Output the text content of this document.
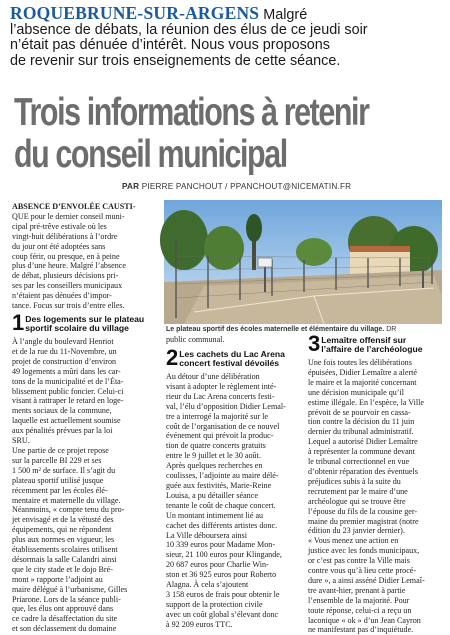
ROQUEBRUNE-SUR-ARGENS Malgré
l’absence de débats, la réunion des élus de ce jeudi soir
n’était pas dénuée d’intérêt. Nous vous proposons
de revenir sur trois enseignements de cette séance.
Trois informations à retenir
du conseil municipal
PAR PIERRE PANCHOUT / PPANCHOUT@NICEMATIN.FR
Le plateau sportif des écoles maternelle et élémentaire du village. DR
ABSENCE D’ENVOLÉE CAUSTI-
QUE pour le dernier conseil muni-
cipal pré-trêve estivale où les
vingt-huit délibérations à l’ordre
du jour ont été adoptées sans
coup férir, ou presque, en à peine
plus d’une heure. Malgré l’absence
de débat, plusieurs décisions pri-
ses par les conseillers municipaux
n’étaient pas dénuées d’impor-
tance. Focus sur trois d’entre elles.
1 Des logements sur le plateau
sportif scolaire du village
À l’angle du boulevard Henriot
et de la rue du 11-Novembre, un
projet de construction d’environ
49 logements a mûri dans les car-
tons de la municipalité et de l’Éta-
blissement public foncier. Celui-ci
visant à rattraper le retard en loge-
ments sociaux de la commune,
laquelle est actuellement soumise
aux pénalités prévues par la loi
SRU.
Une partie de ce projet repose
sur la parcelle BI 229 et ses
1 500 m² de surface. Il s’agit du
plateau sportif utilisé jusque
récemment par les écoles élé-
mentaire et maternelle du village.
Néanmoins, « compte tenu du pro-
jet envisagé et de la vétusté des
équipements, qui ne répondent
plus aux normes en vigueur, les
établissements scolaires utilisent
désormais la salle Calandri ainsi
que le city stade et le dojo Bré-
mont » rapporte l’adjoint au
maire délégué à l’urbanisme, Gilles
Priarone. Lors de la séance publi-
que, les élus ont approuvé dans
ce cadre la désaffectation du site
et son déclassement du domaine
public communal.
2 Les cachets du Lac Arena
concert festival dévoilés
Au détour d’une délibération
visant à adopter le règlement inté-
rieur du Lac Arena concerts festi-
val, l’élu d’opposition Didier Lemal-
tre a interrogé la majorité sur le
coût de l’organisation de ce nouvel
événement qui prévoit la produc-
tion de quatre concerts gratuits
entre le 9 juillet et le 30 août.
Après quelques recherches en
coulisses, l’adjointe au maire délé-
guée aux festivités, Marie-Reine
Louisa, a pu détailler séance
tenante le coût de chaque concert.
Un montant intimement lié au
cachet des différents artistes donc.
La Ville déboursera ainsi
10 339 euros pour Madame Mon-
sieur, 21 100 euros pour Klingande,
20 687 euros pour Charlie Win-
ston et 36 925 euros pour Roberto
Alagna. À cela s’ajoutent
3 158 euros de frais pour obtenir le
support de la protection civile
avec un coût global s’élevant donc
à 92 209 euros TTC.
3 Lemaître offensif sur
l’affaire de l’archéologue
Une fois toutes les délibérations
épuisées, Didier Lemaître a alerté
le maire et la majorité concernant
une décision municipale qu’il
estime illégale. En l’espèce, la Ville
prévoit de se pourvoir en cassa-
tion contre la décision du 11 juin
dernier du tribunal administratif.
Lequel a autorisé Didier Lemaître
à représenter la commune devant
le tribunal correctionnel en vue
d’obtenir réparation des éventuels
préjudices subis à la suite du
recrutement par le maire d’une
archéologue qui se trouve être
l’épouse du fils de la cousine ger-
maine du premier magistrat (notre
édition du 23 janvier dernier).
« Vous menez une action en
justice avec les fonds municipaux,
or c’est pas contre la Ville mais
contre vous qu’à lieu cette procé-
dure », a ainsi asséné Didier Lemaî-
tre avant-hier, prenant à partie
l’ensemble de la majorité. Pour
toute réponse, celui-ci a reçu un
laconique « ok » d’un Jean Cayron
ne manifestant pas d’inquiétude.
